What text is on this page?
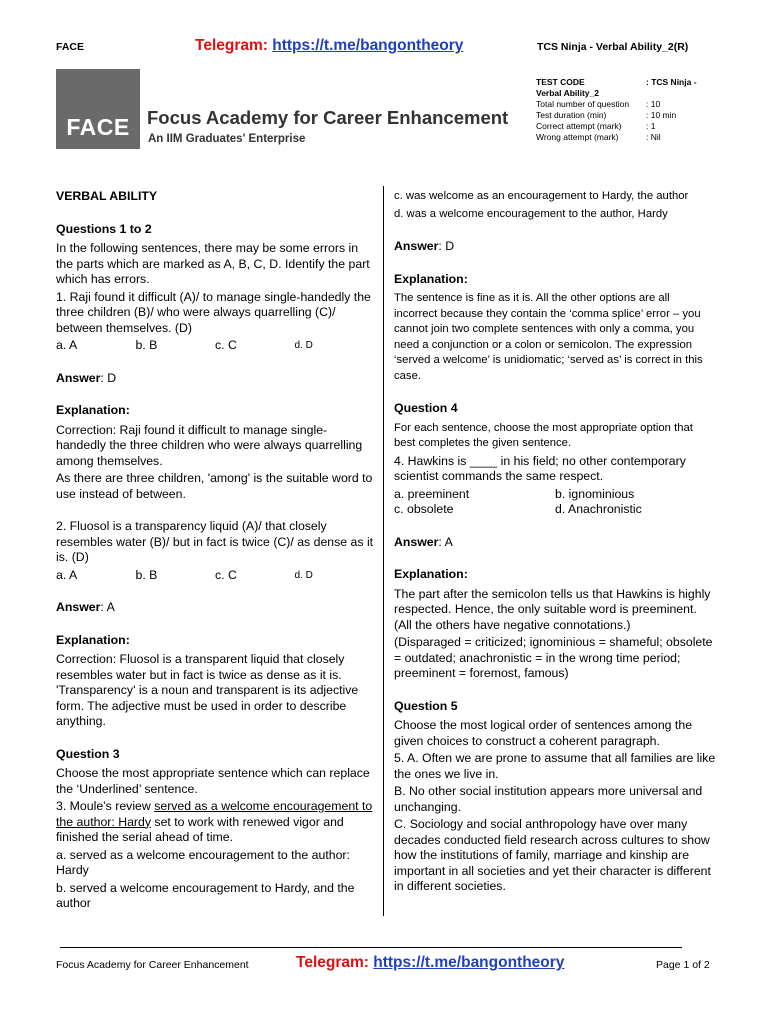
FACE	Telegram: https://t.me/bangontheory	TCS Ninja - Verbal Ability_2(R)
FACE Focus Academy for Career Enhancement
An IIM Graduates' Enterprise
TEST CODE	: TCS Ninja -
Verbal Ability_2
Total number of question	: 10
Test duration (min)	: 10 min
Correct attempt (mark)	: 1
Wrong attempt (mark)	: Nil
VERBAL ABILITY
Questions 1 to 2

In the following sentences, there may be some errors in the parts which are marked as A, B, C, D. Identify the part which has errors.

1. Raji found it difficult (A)/ to manage single-handedly the three children (B)/ who were always quarrelling (C)/ between themselves. (D)

a. A	b. B	c. C	d. D

Answer: D

Explanation:

Correction: Raji found it difficult to manage single-handedly the three children who were always quarrelling among themselves.

As there are three children, 'among' is the suitable word to use instead of between.

2. Fluosol is a transparency liquid (A)/ that closely resembles water (B)/ but in fact is twice (C)/ as dense as it is. (D)

a. A	b. B	c. C	d. D

Answer: A

Explanation:

Correction: Fluosol is a transparent liquid that closely resembles water but in fact is twice as dense as it is. 'Transparency' is a noun and transparent is its adjective form. The adjective must be used in order to describe anything.

Question 3

Choose the most appropriate sentence which can replace the ‘Underlined’ sentence.

3. Moule’s review served as a welcome encouragement to the author: Hardy set to work with renewed vigor and finished the serial ahead of time.

a. served as a welcome encouragement to the author: Hardy

b. served a welcome encouragement to Hardy, and the author

c. was welcome as an encouragement to Hardy, the author

d. was a welcome encouragement to the author, Hardy

Answer: D

Explanation:

The sentence is fine as it is. All the other options are all incorrect because they contain the ‘comma splice’ error – you cannot join two complete sentences with only a comma, you need a conjunction or a colon or semicolon. The expression ‘served a welcome’ is unidiomatic; ‘served as’ is correct in this case.

Question 4

For each sentence, choose the most appropriate option that best completes the given sentence.

4. Hawkins is ____ in his field; no other contemporary scientist commands the same respect.

a. preeminent	b. ignominious
c. obsolete	d. Anachronistic

Answer: A

Explanation:

The part after the semicolon tells us that Hawkins is highly respected. Hence, the only suitable word is preeminent. (All the others have negative connotations.)

(Disparaged = criticized; ignominious = shameful; obsolete = outdated; anachronistic = in the wrong time period; preeminent = foremost, famous)

Question 5

Choose the most logical order of sentences among the given choices to construct a coherent paragraph.

5. A. Often we are prone to assume that all families are like the ones we live in.

B. No other social institution appears more universal and unchanging.

C. Sociology and social anthropology have over many decades conducted field research across cultures to show how the institutions of family, marriage and kinship are important in all societies and yet their character is different in different societies.

Focus Academy for Career Enhancement	Telegram: https://t.me/bangontheory	Page 1 of 2
